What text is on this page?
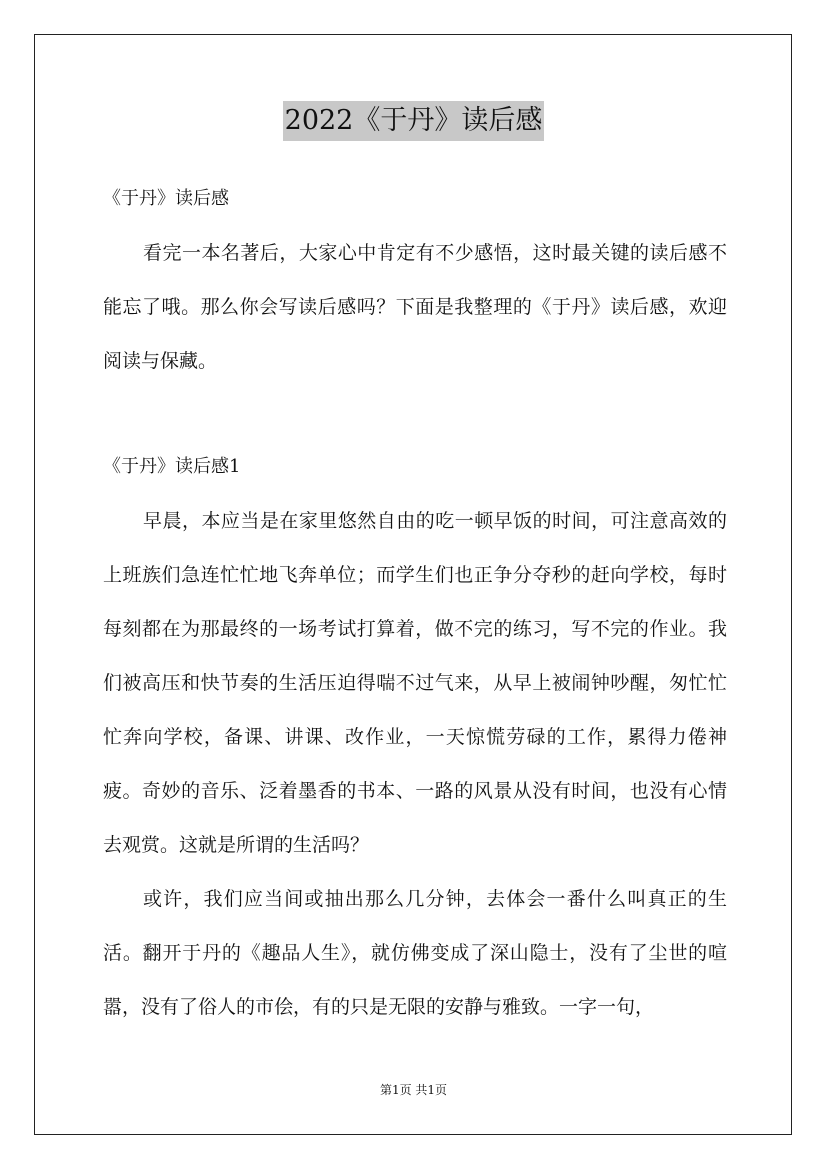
2022《于丹》读后感

《于丹》读后感

看完一本名著后，大家心中肯定有不少感悟，这时最关键的读后感不能忘了哦。那么你会写读后感吗？下面是我整理的《于丹》读后感，欢迎阅读与保藏。

《于丹》读后感1

早晨，本应当是在家里悠然自由的吃一顿早饭的时间，可注意高效的上班族们急连忙忙地飞奔单位；而学生们也正争分夺秒的赶向学校，每时每刻都在为那最终的一场考试打算着，做不完的练习，写不完的作业。我们被高压和快节奏的生活压迫得喘不过气来，从早上被闹钟吵醒，匆忙忙忙奔向学校，备课、讲课、改作业，一天惊慌劳碌的工作，累得力倦神疲。奇妙的音乐、泛着墨香的书本、一路的风景从没有时间，也没有心情去观赏。这就是所谓的生活吗？

或许，我们应当间或抽出那么几分钟，去体会一番什么叫真正的生活。翻开于丹的《趣品人生》，就仿佛变成了深山隐士，没有了尘世的喧嚣，没有了俗人的市侩，有的只是无限的安静与雅致。一字一句，

第1页 共1页
